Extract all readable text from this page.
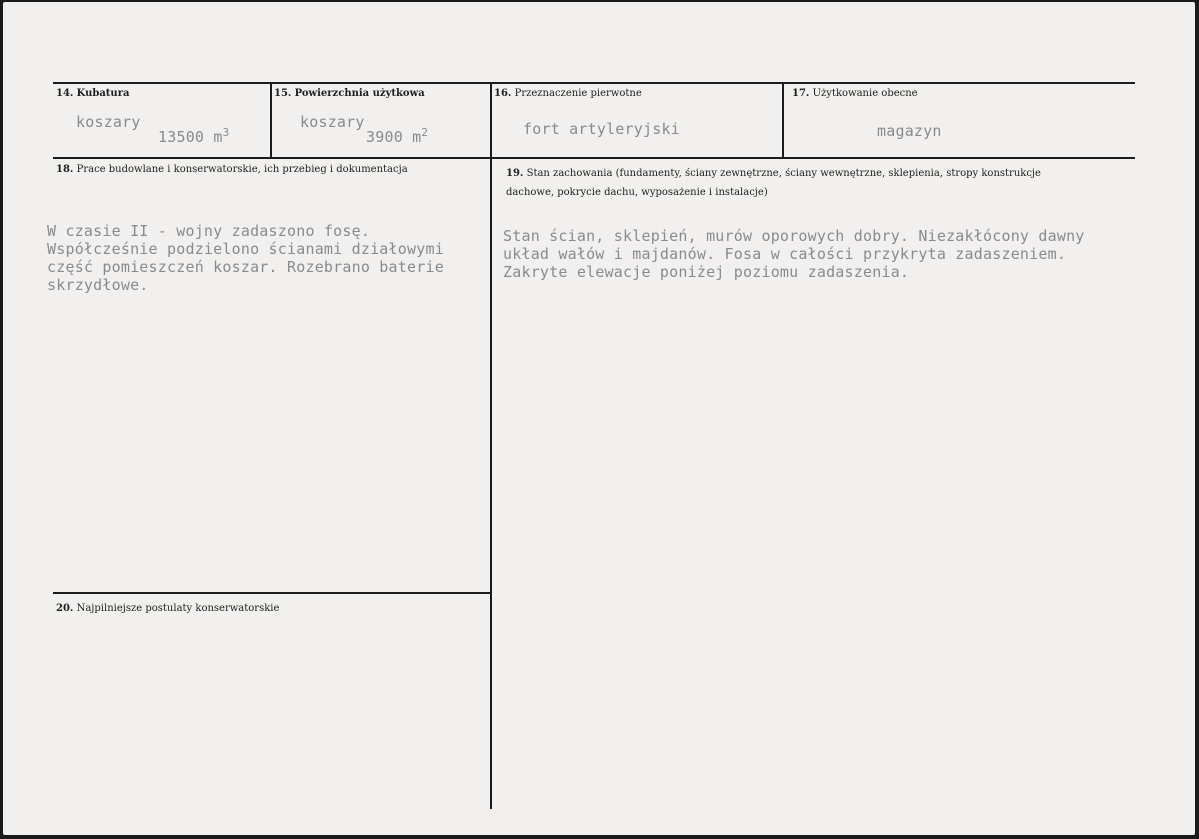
14. Kubatura
koszary
13500 $m^3$
15. Powierzchnia użytkowa
koszary
3900 $m^2$
16. Przeznaczenie pierwotne
fort artyleryjski
17. Użytkowanie obecne
magazyn
18. Prace budowlane i konserwatorskie, ich przebieg i dokumentacja
W czasie II - wojny zadaszono fosę.
Współcześnie podzielono ścianami działowymi
część pomieszczeń koszar. Rozebrano baterie
skrzydłowe.
19. Stan zachowania (fundamenty, ściany zewnętrzne, ściany wewnętrzne, sklepienia, stropy konstrukcje dachowe, pokrycie dachu, wyposażenie i instalacje)
Stan ścian, sklepień, murów oporowych dobry. Niezakłócony dawny
układ wałów i majdanów. Fosa w całości przykryta zadaszeniem.
Zakryte elewacje poniżej poziomu zadaszenia.
20. Najpilniejsze postulaty konserwatorskie
